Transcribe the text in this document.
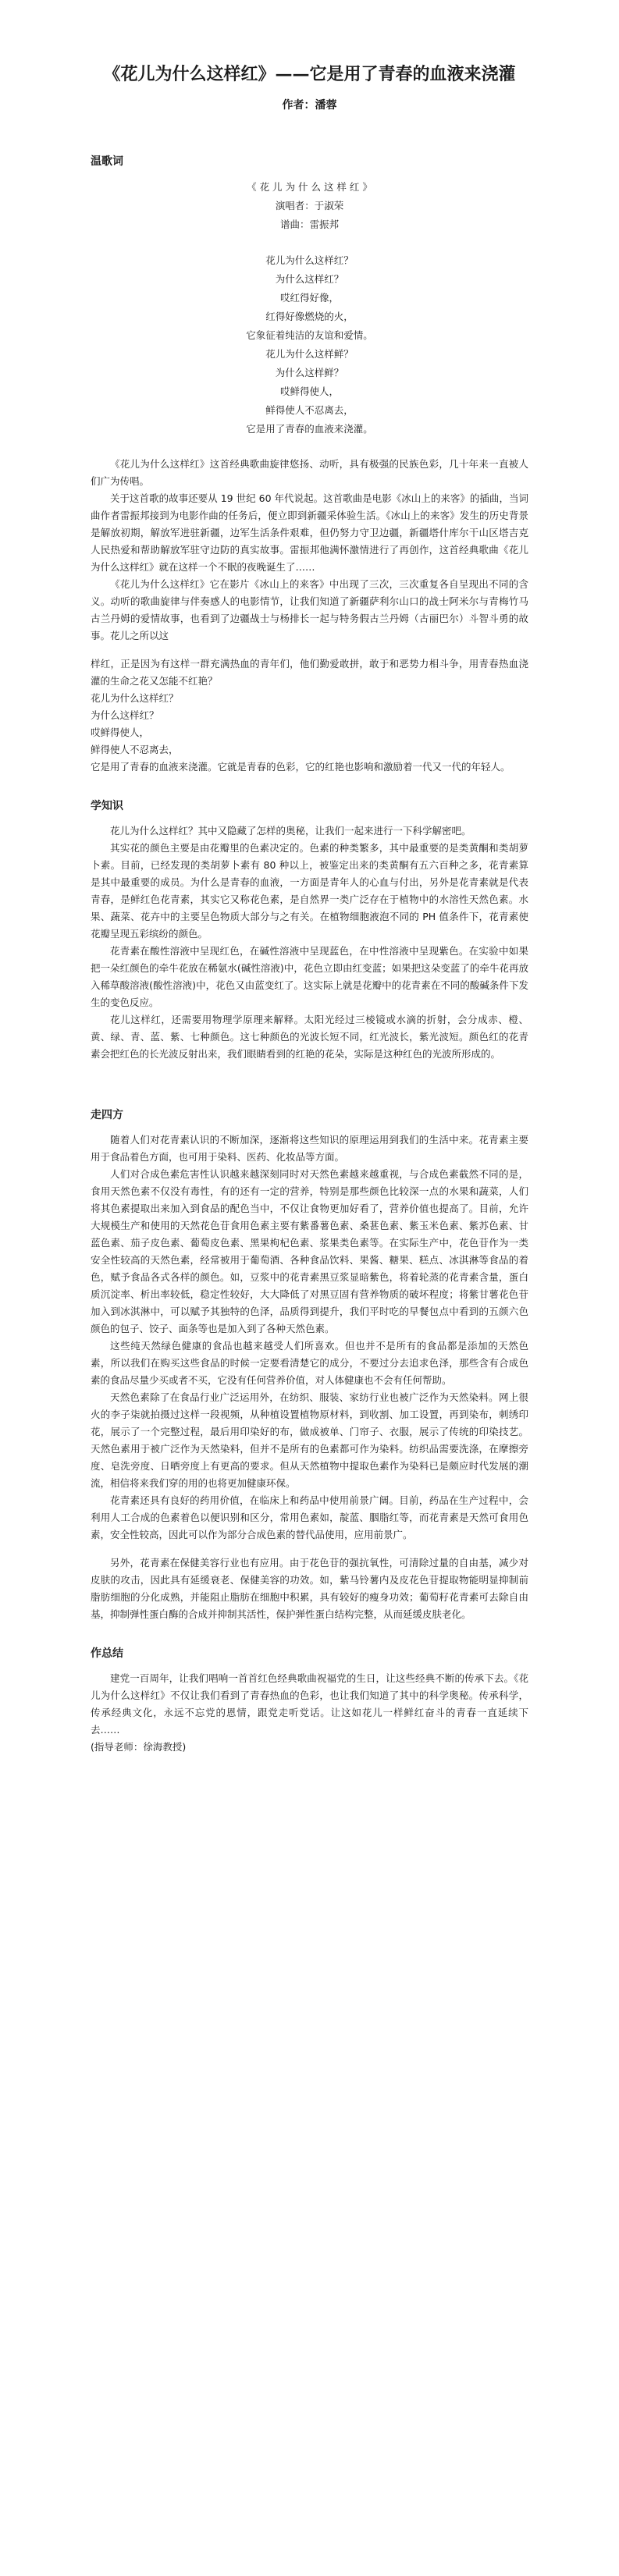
《花儿为什么这样红》——它是用了青春的血液来浇灌
作者：潘蓉
温歌词
《 花 儿 为 什 么 这 样 红 》
演唱者：于淑荣
谱曲：雷振邦
花儿为什么这样红？
为什么这样红？
哎红得好像，
红得好像燃烧的火，
它象征着纯洁的友谊和爱情。
花儿为什么这样鲜？
为什么这样鲜？
哎鲜得使人，
鲜得使人不忍离去，
它是用了青春的血液来浇灌。

《花儿为什么这样红》这首经典歌曲旋律悠扬、动听，具有极强的民族色彩，几十年来一直被人们广为传唱。

关于这首歌的故事还要从 19 世纪 60 年代说起。这首歌曲是电影《冰山上的来客》的插曲，当词曲作者雷振邦接到为电影作曲的任务后，便立即到新疆采体验生活。《冰山上的来客》发生的历史背景是解放初期，解放军进驻新疆，边军生活条件艰难，但仍努力守卫边疆，新疆塔什库尔干山区塔吉克人民热爱和帮助解放军驻守边防的真实故事。雷振邦他满怀激情进行了再创作，这首经典歌曲《花儿为什么这样红》就在这样一个不眠的夜晚诞生了……

《花儿为什么这样红》它在影片《冰山上的来客》中出现了三次，三次重复各自呈现出不同的含义。动听的歌曲旋律与伴奏感人的电影情节，让我们知道了新疆萨利尔山口的战士阿米尔与青梅竹马古兰丹姆的爱情故事，也看到了边疆战士与杨排长一起与特务假古兰丹姆（古丽巴尔）斗智斗勇的故事。花儿之所以这

样红，正是因为有这样一群充满热血的青年们，他们勤爱敢拼，敢于和恶势力相斗争，用青春热血浇灌的生命之花又怎能不红艳？

花儿为什么这样红？

为什么这样红？

哎鲜得使人，

鲜得使人不忍离去，

它是用了青春的血液来浇灌。它就是青春的色彩，它的红艳也影响和激励着一代又一代的年轻人。

学知识

花儿为什么这样红？其中又隐藏了怎样的奥秘，让我们一起来进行一下科学解密吧。

其实花的颜色主要是由花瓣里的色素决定的。色素的种类繁多，其中最重要的是类黄酮和类胡萝卜素。目前，已经发现的类胡萝卜素有 80 种以上，被鉴定出来的类黄酮有五六百种之多，花青素算是其中最重要的成员。为什么是青春的血液，一方面是青年人的心血与付出，另外是花青素就是代表青春，是鲜红色花青素，其实它又称花色素，是自然界一类广泛存在于植物中的水溶性天然色素。水果、蔬菜、花卉中的主要呈色物质大部分与之有关。在植物细胞液泡不同的 PH 值条件下，花青素使花瓣呈现五彩缤纷的颜色。

花青素在酸性溶液中呈现红色，在碱性溶液中呈现蓝色，在中性溶液中呈现紫色。在实验中如果把一朵红颜色的牵牛花放在稀氨水(碱性溶液)中，花色立即由红变蓝；如果把这朵变蓝了的牵牛花再放入稀草酸溶液(酸性溶液)中，花色又由蓝变红了。这实际上就是花瓣中的花青素在不同的酸碱条件下发生的变色反应。

花儿这样红，还需要用物理学原理来解释。太阳光经过三棱镜或水滴的折射，会分成赤、橙、黄、绿、青、蓝、紫、七种颜色。这七种颜色的光波长短不同，红光波长，紫光波短。颜色红的花青素会把红色的长光波反射出来，我们眼睛看到的红艳的花朵，实际是这种红色的光波所形成的。

走四方

随着人们对花青素认识的不断加深，逐渐将这些知识的原理运用到我们的生活中来。花青素主要用于食品着色方面，也可用于染料、医药、化妆品等方面。

人们对合成色素危害性认识越来越深刻同时对天然色素越来越重视，与合成色素截然不同的是，食用天然色素不仅没有毒性，有的还有一定的营养，特别是那些颜色比较深一点的水果和蔬菜，人们将其色素提取出来加入到食品的配色当中，不仅让食物更加好看了，营养价值也提高了。目前，允许大规模生产和使用的天然花色苷食用色素主要有紫番薯色素、桑葚色素、紫玉米色素、紫苏色素、甘蓝色素、茄子皮色素、葡萄皮色素、黑果枸杞色素、浆果类色素等。在实际生产中，花色苷作为一类安全性较高的天然色素，经常被用于葡萄酒、各种食品饮料、果酱、糖果、糕点、冰淇淋等食品的着色，赋予食品各式各样的颜色。如，豆浆中的花青素黑豆浆显暗紫色，将着轮蒸的花青素含量，蛋白质沉淀率、析出率较低，稳定性较好，大大降低了对黑豆固有营养物质的破坏程度；将紫甘薯花色苷加入到冰淇淋中，可以赋予其独特的色泽，品质得到提升，我们平时吃的早餐包点中看到的五颜六色颜色的包子、饺子、面条等也是加入到了各种天然色素。

这些纯天然绿色健康的食品也越来越受人们所喜欢。但也并不是所有的食品都是添加的天然色素，所以我们在购买这些食品的时候一定要看清楚它的成分，不要过分去追求色泽，那些含有合成色素的食品尽量少买或者不买，它没有任何营养价值，对人体健康也不会有任何帮助。

天然色素除了在食品行业广泛运用外，在纺织、服装、家纺行业也被广泛作为天然染料。网上很火的李子柒就拍摄过这样一段视频，从种植设置植物原材料，到收割、加工设置，再到染布，刺绣印花，展示了一个完整过程，最后用印染好的布，做成被单、门帘子、衣服，展示了传统的印染技艺。天然色素用于被广泛作为天然染料，但并不是所有的色素都可作为染料。纺织品需要洗涤，在摩擦旁度、皂洗旁度、日晒旁度上有更高的要求。但从天然植物中提取色素作为染料已是颇应时代发展的潮流，相信将来我们穿的用的也将更加健康环保。

花青素还具有良好的药用价值，在临床上和药品中使用前景广阔。目前，药品在生产过程中，会利用人工合成的色素着色以便识别和区分，常用色素如，靛蓝、胭脂红等，而花青素是天然可食用色素，安全性较高，因此可以作为部分合成色素的替代品使用，应用前景广。

另外，花青素在保健美容行业也有应用。由于花色苷的强抗氧性，可清除过量的自由基，减少对皮肤的攻击，因此具有延缓衰老、保健美容的功效。如，紫马铃薯内及皮花色苷提取物能明显抑制前脂肪细胞的分化成熟，并能阻止脂肪在细胞中积累，具有较好的瘦身功效；葡萄籽花青素可去除自由基，抑制弹性蛋白酶的合成并抑制其活性，保护弹性蛋白结构完整，从而延缓皮肤老化。

作总结

建党一百周年，让我们唱响一首首红色经典歌曲祝福党的生日，让这些经典不断的传承下去。《花儿为什么这样红》不仅让我们看到了青春热血的色彩，也让我们知道了其中的科学奥秘。传承科学，传承经典文化，永远不忘党的恩情，跟党走听党话。让这如花儿一样鲜红奋斗的青春一直延续下去……

(指导老师：徐海教授)
